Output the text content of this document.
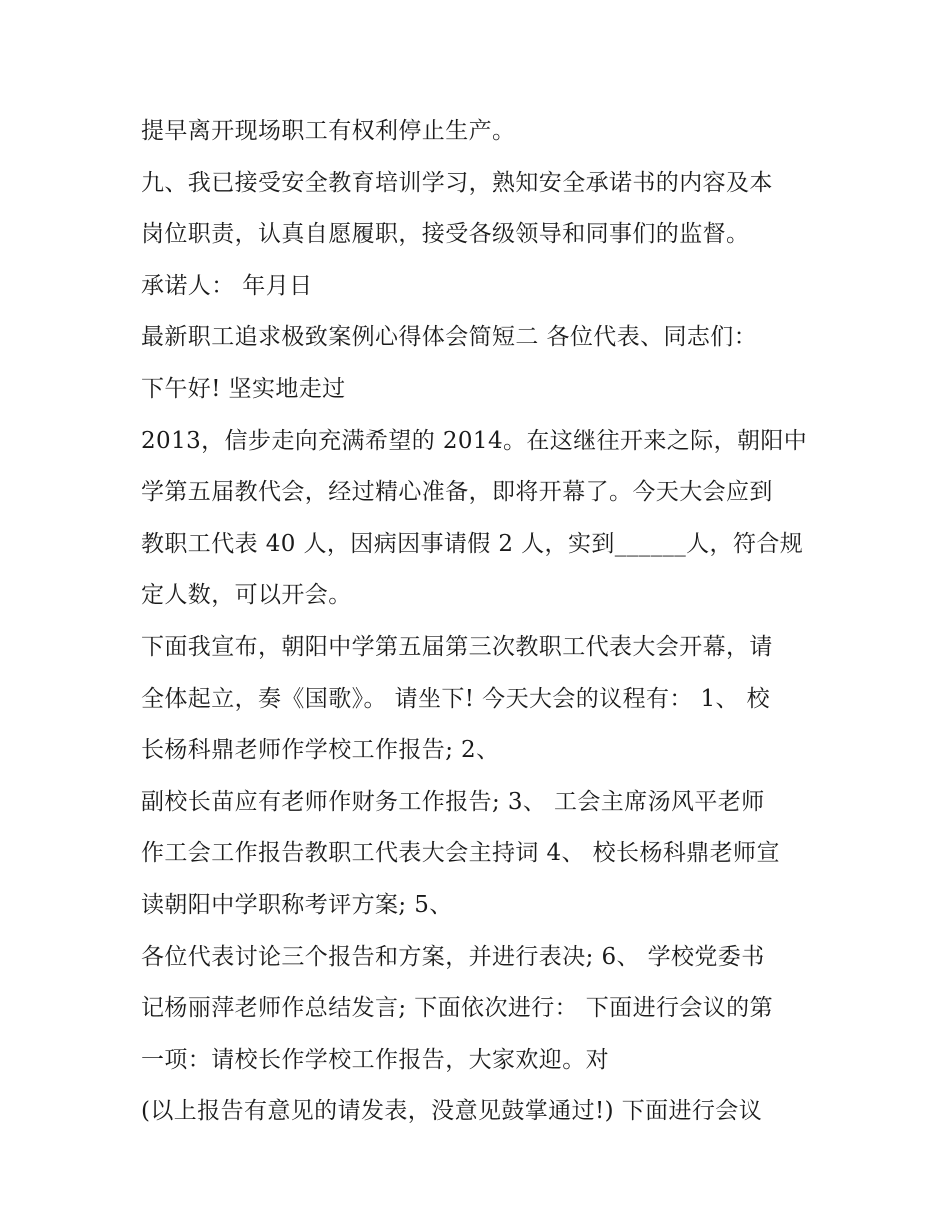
提早离开现场职工有权利停止生产。
九、我已接受安全教育培训学习，熟知安全承诺书的内容及本
岗位职责，认真自愿履职，接受各级领导和同事们的监督。
承诺人： 年月日
最新职工追求极致案例心得体会简短二 各位代表、同志们：
下午好! 坚实地走过
2013，信步走向充满希望的 2014。在这继往开来之际，朝阳中
学第五届教代会，经过精心准备，即将开幕了。今天大会应到
教职工代表 40 人，因病因事请假 2 人，实到______人，符合规
定人数，可以开会。
下面我宣布，朝阳中学第五届第三次教职工代表大会开幕，请
全体起立，奏《国歌》。 请坐下! 今天大会的议程有： 1、 校
长杨科鼎老师作学校工作报告; 2、
副校长苗应有老师作财务工作报告; 3、 工会主席汤风平老师
作工会工作报告教职工代表大会主持词 4、 校长杨科鼎老师宣
读朝阳中学职称考评方案; 5、
各位代表讨论三个报告和方案，并进行表决; 6、 学校党委书
记杨丽萍老师作总结发言; 下面依次进行： 下面进行会议的第
一项：请校长作学校工作报告，大家欢迎。对
(以上报告有意见的请发表，没意见鼓掌通过!) 下面进行会议
